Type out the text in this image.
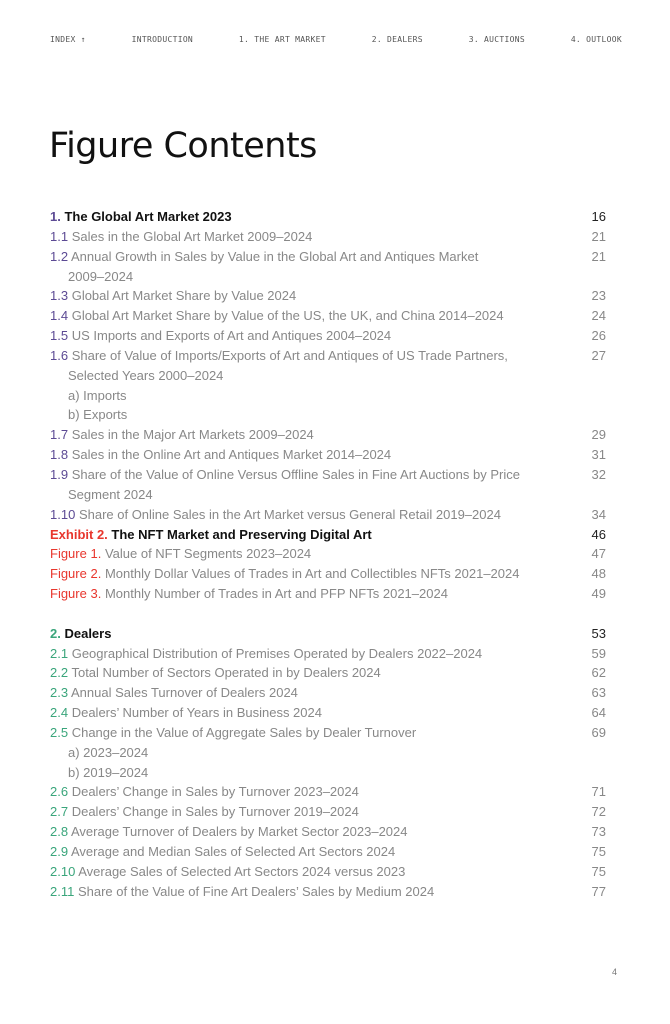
INDEX ↑	INTRODUCTION	1. THE ART MARKET	2. DEALERS	3. AUCTIONS	4. OUTLOOK
Figure Contents
1. The Global Art Market 2023	16
1.1 Sales in the Global Art Market 2009–2024	21
1.2 Annual Growth in Sales by Value in the Global Art and Antiques Market	21
2009–2024
1.3 Global Art Market Share by Value 2024	23
1.4 Global Art Market Share by Value of the US, the UK, and China 2014–2024	24
1.5 US Imports and Exports of Art and Antiques 2004–2024	26
1.6 Share of Value of Imports/Exports of Art and Antiques of US Trade Partners,	27
Selected Years 2000–2024
a) Imports
b) Exports
1.7 Sales in the Major Art Markets 2009–2024	29
1.8 Sales in the Online Art and Antiques Market 2014–2024	31
1.9 Share of the Value of Online Versus Offline Sales in Fine Art Auctions by Price	32
Segment 2024
1.10 Share of Online Sales in the Art Market versus General Retail 2019–2024	34
Exhibit 2. The NFT Market and Preserving Digital Art	46
Figure 1. Value of NFT Segments 2023–2024	47
Figure 2. Monthly Dollar Values of Trades in Art and Collectibles NFTs 2021–2024	48
Figure 3. Monthly Number of Trades in Art and PFP NFTs 2021–2024	49
2. Dealers	53
2.1 Geographical Distribution of Premises Operated by Dealers 2022–2024	59
2.2 Total Number of Sectors Operated in by Dealers 2024	62
2.3 Annual Sales Turnover of Dealers 2024	63
2.4 Dealers’ Number of Years in Business 2024	64
2.5 Change in the Value of Aggregate Sales by Dealer Turnover	69
a) 2023–2024
b) 2019–2024
2.6 Dealers’ Change in Sales by Turnover 2023–2024	71
2.7 Dealers’ Change in Sales by Turnover 2019–2024	72
2.8 Average Turnover of Dealers by Market Sector 2023–2024	73
2.9 Average and Median Sales of Selected Art Sectors 2024	75
2.10 Average Sales of Selected Art Sectors 2024 versus 2023	75
2.11 Share of the Value of Fine Art Dealers’ Sales by Medium 2024	77
4
